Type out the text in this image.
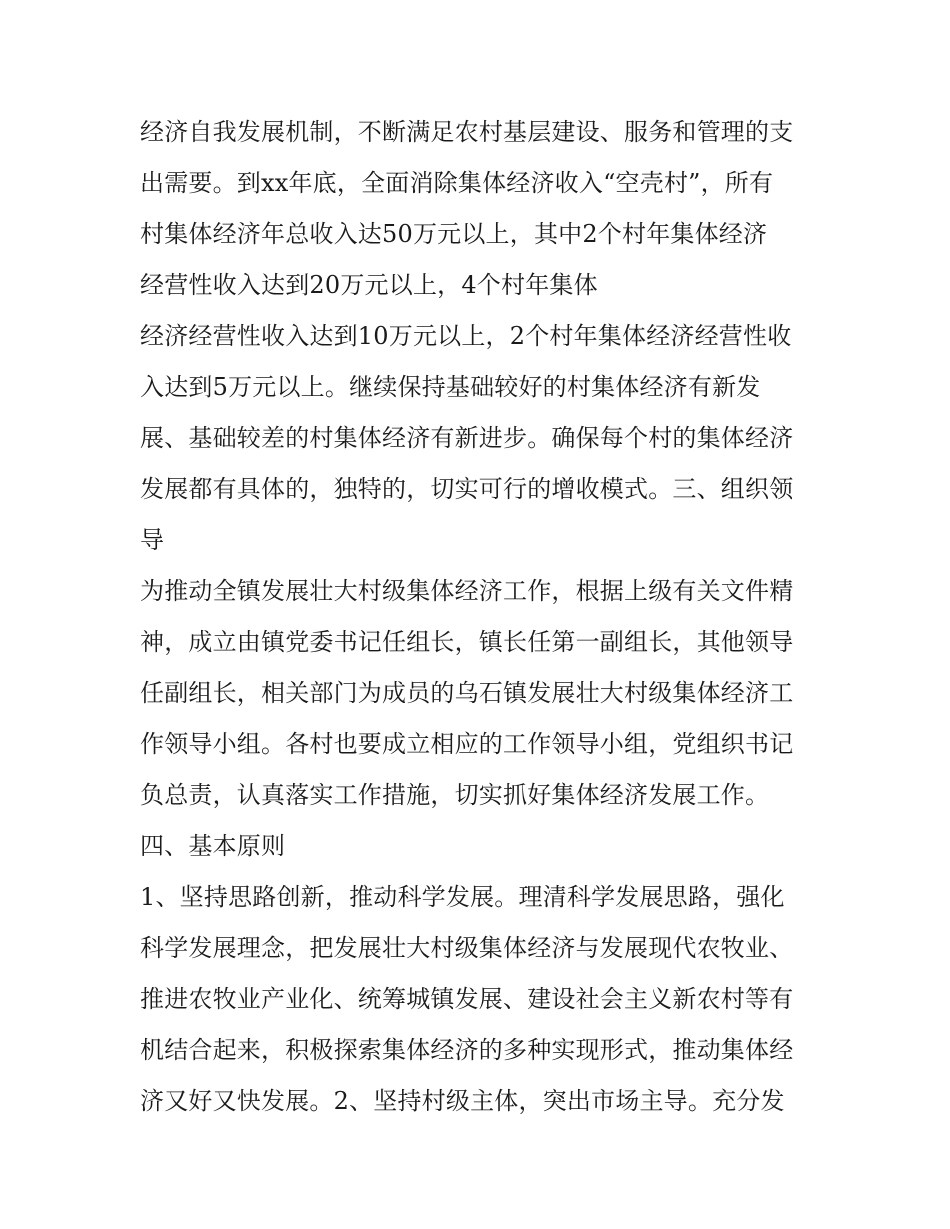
经济自我发展机制，不断满足农村基层建设、服务和管理的支
出需要。到xx年底，全面消除集体经济收入“空壳村”，所有
村集体经济年总收入达50万元以上，其中2个村年集体经济
经营性收入达到20万元以上，4个村年集体
经济经营性收入达到10万元以上，2个村年集体经济经营性收
入达到5万元以上。继续保持基础较好的村集体经济有新发
展、基础较差的村集体经济有新进步。确保每个村的集体经济
发展都有具体的，独特的，切实可行的增收模式。三、组织领
导
为推动全镇发展壮大村级集体经济工作，根据上级有关文件精
神，成立由镇党委书记任组长，镇长任第一副组长，其他领导
任副组长，相关部门为成员的乌石镇发展壮大村级集体经济工
作领导小组。各村也要成立相应的工作领导小组，党组织书记
负总责，认真落实工作措施，切实抓好集体经济发展工作。
四、基本原则
1、坚持思路创新，推动科学发展。理清科学发展思路，强化
科学发展理念，把发展壮大村级集体经济与发展现代农牧业、
推进农牧业产业化、统筹城镇发展、建设社会主义新农村等有
机结合起来，积极探索集体经济的多种实现形式，推动集体经
济又好又快发展。2、坚持村级主体，突出市场主导。充分发
